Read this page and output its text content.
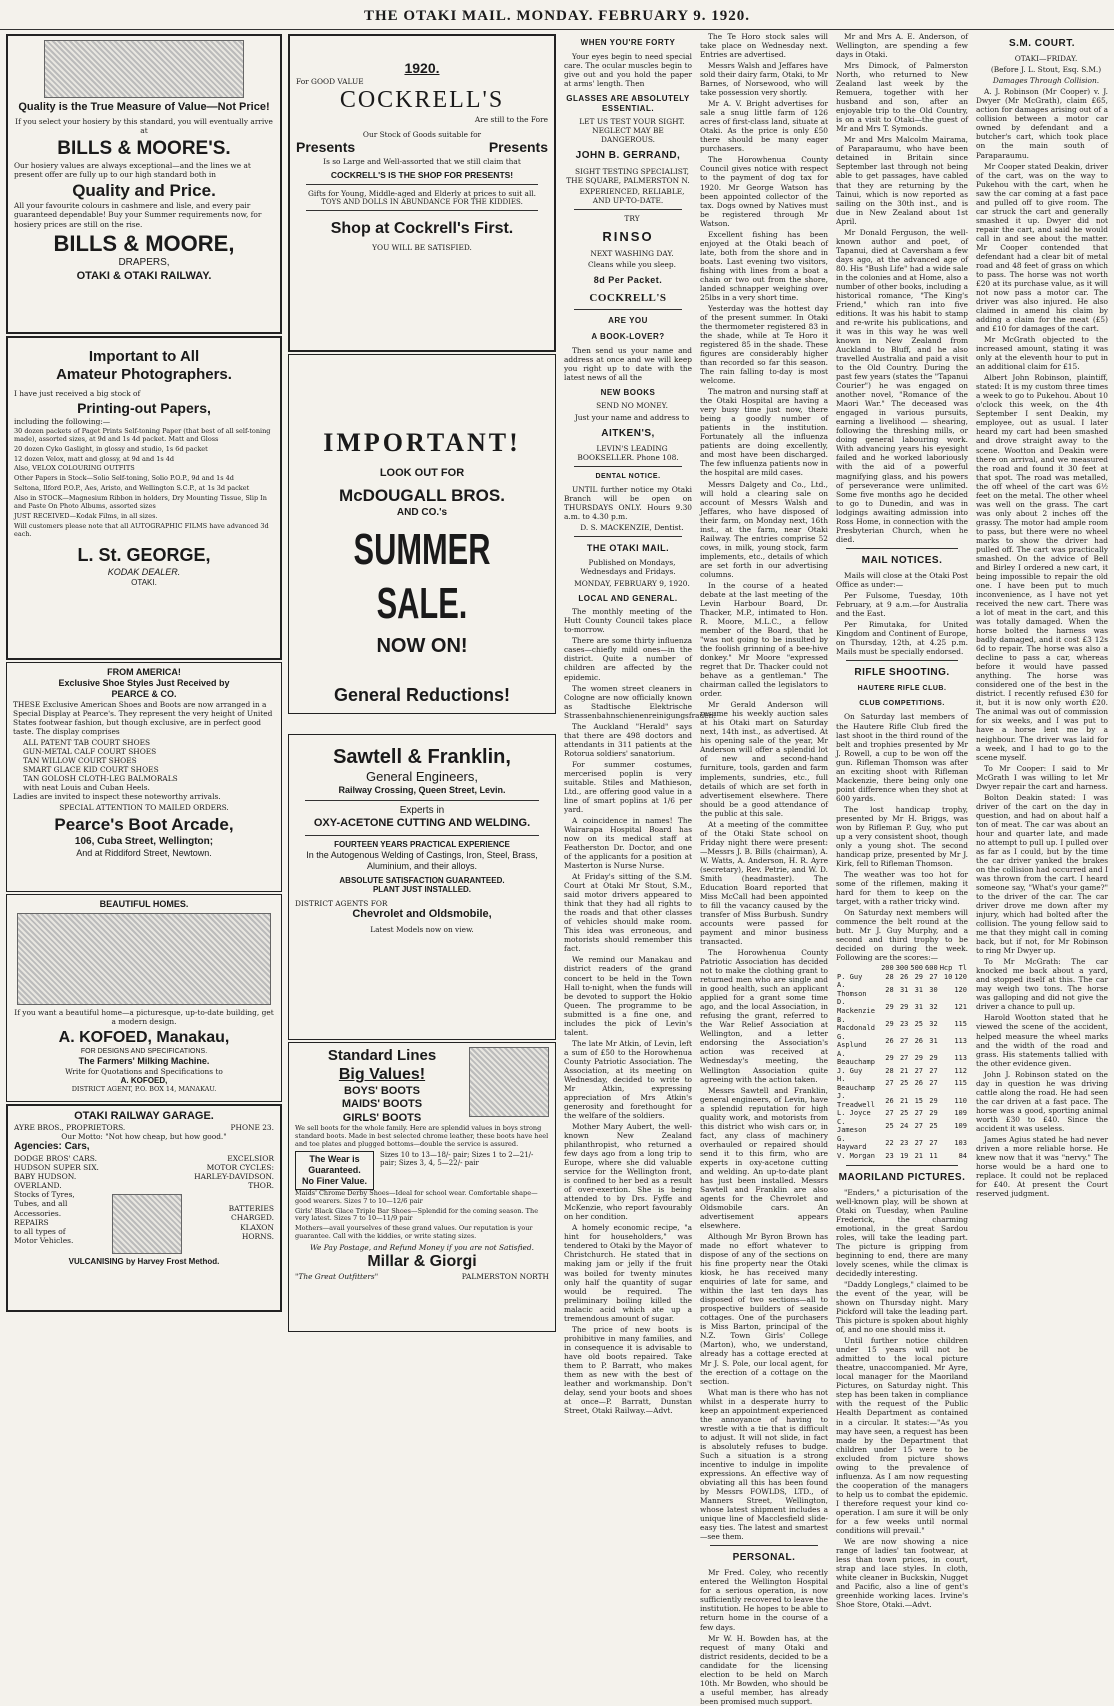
THE OTAKI MAIL. MONDAY. FEBRUARY 9. 1920.
Quality is the True Measure of Value—Not Price!

If you select your hosiery by this standard, you will eventually arrive at

BILLS & MOORE'S.

Our hosiery values are always exceptional—and the lines we at present offer are fully up to our high standard both in

Quality and Price.

All your favourite colours in cashmere and lisle, and every pair guaranteed dependable! Buy your Summer requirements now, for hosiery prices are still on the rise.

BILLS & MOORE,
DRAPERS,
OTAKI & OTAKI RAILWAY.
Important to All
Amateur Photographers.

I have just received a big stock of

Printing-out Papers,

including the following:—

30 dozen packets of Paget Prints Self-toning Paper (that best of all self-toning made), assorted sizes, at 9d and 1s 4d packet. Matt and Gloss

20 dozen Cyko Gaslight, in glossy and studio, 1s 6d packet

12 dozen Velox, matt and glossy, at 9d and 1s 4d

Also, VELOX COLOURING OUTFITS

Other Papers in Stock—Solio Self-toning, Solio P.O.P., 9d and 1s 4d

Seltona, Ilford P.O.P., Aes, Aristo, and Wellington S.C.P., at 1s 3d packet

Also in STOCK—Magnesium Ribbon in holders, Dry Mounting Tissue, Slip In and Paste On Photo Albums, assorted sizes

JUST RECEIVED—Kodak Films, in all sizes.

Will customers please note that all AUTOGRAPHIC FILMS have advanced 3d each.

L. St. GEORGE,
KODAK DEALER.
OTAKI.
FROM AMERICA!
Exclusive Shoe Styles Just Received by
PEARCE & CO.

THESE Exclusive American Shoes and Boots are now arranged in a Special Display at Pearce's. They represent the very height of United States footwear fashion, but though exclusive, are in perfect good taste. The display comprises

ALL PATENT TAB COURT SHOES
GUN-METAL CALF COURT SHOES
TAN WILLOW COURT SHOES
SMART GLACE KID COURT SHOES
TAN GOLOSH CLOTH-LEG BALMORALS
with neat Louis and Cuban Heels.

Ladies are invited to inspect these noteworthy arrivals.

SPECIAL ATTENTION TO MAILED ORDERS.

Pearce's Boot Arcade,
106, Cuba Street, Wellington;
And at Riddiford Street, Newtown.
BEAUTIFUL HOMES.

If you want a beautiful home—a picturesque, up-to-date building, get a modern design.

A. KOFOED, Manakau,
FOR DESIGNS AND SPECIFICATIONS.
The Farmers' Milking Machine.
Write for Quotations and Specifications to
A. KOFOED,
DISTRICT AGENT, P.O. BOX 14, MANAKAU.
OTAKI RAILWAY GARAGE.
AYRE BROS., PROPRIETORS.	PHONE 23.
Our Motto: "Not how cheap, but how good."
Agencies: Cars,
DODGE BROS' CARS.
HUDSON SUPER SIX.
BABY HUDSON.
OVERLAND.
Stocks of Tyres,
Tubes, and all
Accessories.
REPAIRS
to all types of
Motor Vehicles.
EXCELSIOR
MOTOR CYCLES:
HARLEY-DAVIDSON.
THOR.
BATTERIES
CHARGED.
KLAXON
HORNS.
VULCANISING by Harvey Frost Method.
1920.
For GOOD VALUE
COCKRELL'S
Are still to the Fore
Our Stock of Goods suitable for
Presents	Presents
Is so Large and Well-assorted that we still claim that
COCKRELL'S IS THE SHOP FOR PRESENTS!
Gifts for Young, Middle-aged and Elderly at prices to suit all.
TOYS AND DOLLS IN ABUNDANCE FOR THE KIDDIES.
Shop at Cockrell's First.
YOU WILL BE SATISFIED.
IMPORTANT!
LOOK OUT FOR
McDOUGALL BROS.
AND CO.'s
SUMMER SALE.
NOW ON!
General Reductions!
Sawtell & Franklin,
General Engineers,
Railway Crossing, Queen Street, Levin.
Experts in
OXY-ACETONE CUTTING AND WELDING.
FOURTEEN YEARS PRACTICAL EXPERIENCE
In the Autogenous Welding of Castings, Iron, Steel, Brass, Aluminium, and their alloys.
ABSOLUTE SATISFACTION GUARANTEED.
PLANT JUST INSTALLED.
DISTRICT AGENTS FOR
Chevrolet and Oldsmobile,
Latest Models now on view.
Standard Lines
Big Values!
BOYS' BOOTS
MAIDS' BOOTS
GIRLS' BOOTS

We sell boots for the whole family. Here are splendid values in boys strong standard boots. Made in best selected chrome leather, these boots have heel and toe plates and plugged bottoms—double the service is assured.

The Wear is
Guaranteed.
No Finer Value.

Sizes 10 to 13—18/- pair; Sizes 1 to 2—21/- pair; Sizes 3, 4, 5—22/- pair

Maids' Chrome Derby Shoes—Ideal for school wear. Comfortable shape—good wearers. Sizes 7 to 10—12/6 pair

Girls' Black Glace Triple Bar Shoes—Splendid for the coming season. The very latest. Sizes 7 to 10—11/9 pair

Mothers—avail yourselves of these grand values. Our reputation is your guarantee. Call with the kiddies, or write stating sizes.

We Pay Postage, and Refund Money if you are not Satisfied.
Millar & Giorgi
"The Great Outfitters"	PALMERSTON NORTH
WHEN YOU'RE FORTY

Your eyes begin to need special care. The ocular muscles begin to give out and you hold the paper at arms' length. Then

GLASSES ARE ABSOLUTELY ESSENTIAL.

LET US TEST YOUR SIGHT. NEGLECT MAY BE DANGEROUS.

JOHN B. GERRAND,

SIGHT TESTING SPECIALIST, THE SQUARE, PALMERSTON N.

EXPERIENCED, RELIABLE, AND UP-TO-DATE.

TRY

RINSO

NEXT WASHING DAY.

Cleans while you sleep.

8d Per Packet.
COCKRELL'S
ARE YOU
A BOOK-LOVER?

Then send us your name and address at once and we will keep you right up to date with the latest news of all the

NEW BOOKS

SEND NO MONEY.

Just your name and address to

AITKEN'S,

LEVIN'S LEADING BOOKSELLER. Phone 108.

DENTAL NOTICE.

UNTIL further notice my Otaki Branch will be open on THURSDAYS ONLY. Hours 9.30 a.m. to 4.30 p.m.

D. S. MACKENZIE, Dentist.

THE OTAKI MAIL.

Published on Mondays, Wednesdays and Fridays.

MONDAY, FEBRUARY 9, 1920.

LOCAL AND GENERAL.

The monthly meeting of the Hutt County Council takes place to-morrow.

There are some thirty influenza cases—chiefly mild ones—in the district. Quite a number of children are affected by the epidemic.

The women street cleaners in Cologne are now officially known as Stadtische Elektrische Strassenbahnschienenreinigungsfrauen!

The Auckland "Herald" says that there are 498 doctors and attendants in 311 patients at the Rotorua soldiers' sanatorium.

For summer costumes, mercerised poplin is very suitable. Stiles and Mathieson, Ltd., are offering good value in a line of smart poplins at 1/6 per yard.

A coincidence in names! The Wairarapa Hospital Board has now on its medical staff at Featherston Dr. Doctor, and one of the applicants for a position at Masterton is Nurse Nurse.

At Friday's sitting of the S.M. Court at Otaki Mr Stout, S.M., said motor drivers appeared to think that they had all rights to the roads and that other classes of vehicles should make room. This idea was erroneous, and motorists should remember this fact.

We remind our Manakau and district readers of the grand concert to be held in the Town Hall to-night, when the funds will be devoted to support the Hokio Queen. The programme to be submitted is a fine one, and includes the pick of Levin's talent.

The late Mr Atkin, of Levin, left a sum of £50 to the Horowhenua County Patriotic Association. The Association, at its meeting on Wednesday, decided to write to Mr Atkin, expressing appreciation of Mrs Atkin's generosity and forethought for the welfare of the soldiers.

Mother Mary Aubert, the well-known New Zealand philanthropist, who returned a few days ago from a long trip to Europe, where she did valuable service for the Wellington front, is confined to her bed as a result of over-exertion. She is being attended to by Drs. Fyffe and McKenzie, who report favourably on her condition.

A homely economic recipe, "a hint for householders," was tendered to Otaki by the Mayor of Christchurch. He stated that in making jam or jelly if the fruit was boiled for twenty minutes only half the quantity of sugar would be required. The preliminary boiling killed the malacic acid which ate up a tremendous amount of sugar.

The price of new boots is prohibitive in many families, and in consequence it is advisable to have old boots repaired. Take them to P. Barratt, who makes them as new with the best of leather and workmanship. Don't delay, send your boots and shoes at once—P. Barratt, Dunstan Street, Otaki Railway.—Advt.

The Te Horo stock sales will take place on Wednesday next. Entries are advertised.

Messrs Walsh and Jeffares have sold their dairy farm, Otaki, to Mr Barnes, of Norsewood, who will take possession very shortly.

Mr A. V. Bright advertises for sale a snug little farm of 126 acres of first-class land, situate at Otaki. As the price is only £50 there should be many eager purchasers.

The Horowhenua County Council gives notice with respect to the payment of dog tax for 1920. Mr George Watson has been appointed collector of the tax. Dogs owned by Natives must be registered through Mr Watson.

Excellent fishing has been enjoyed at the Otaki beach of late, both from the shore and in boats. Last evening two visitors, fishing with lines from a boat a chain or two out from the shore, landed schnapper weighing over 25lbs in a very short time.

Yesterday was the hottest day of the present summer. In Otaki the thermometer registered 83 in the shade, while at Te Horo it registered 85 in the shade. These figures are considerably higher than recorded so far this season. The rain falling to-day is most welcome.

The matron and nursing staff at the Otaki Hospital are having a very busy time just now, there being a goodly number of patients in the institution. Fortunately all the influenza patients are doing excellently, and most have been discharged. The few influenza patients now in the hospital are mild cases.

Messrs Dalgety and Co., Ltd., will hold a clearing sale on account of Messrs Walsh and Jeffares, who have disposed of their farm, on Monday next, 16th inst., at the farm, near Otaki Railway. The entries comprise 52 cows, in milk, young stock, farm implements, etc., details of which are set forth in our advertising columns.

In the course of a heated debate at the last meeting of the Levin Harbour Board, Dr. Thacker, M.P., intimated to Hon. R. Moore, M.L.C., a fellow member of the Board, that he "was not going to be insulted by the foolish grinning of a bee-hive donkey." Mr Moore "expressed regret that Dr. Thacker could not behave as a gentleman." The chairman called the legislators to order.

Mr Gerald Anderson will resume his weekly auction sales at his Otaki mart on Saturday next, 14th inst., as advertised. At his opening sale of the year, Mr Anderson will offer a splendid lot of new and second-hand furniture, tools, garden and farm implements, sundries, etc., full details of which are set forth in advertisement elsewhere. There should be a good attendance of the public at this sale.

At a meeting of the committee of the Otaki State school on Friday night there were present:—Messrs J. B. Bills (chairman), A. W. Watts, A. Anderson, H. R. Ayre (secretary), Rev. Petrie, and W. D. Smith (headmaster). The Education Board reported that Miss McCall had been appointed to fill the vacancy caused by the transfer of Miss Burbush. Sundry accounts were passed for payment and minor business transacted.

The Horowhenua County Patriotic Association has decided not to make the clothing grant to returned men who are single and in good health, such an applicant applied for a grant some time ago, and the local Association, in refusing the grant, referred to the War Relief Association at Wellington, and a letter endorsing the Association's action was received at Wednesday's meeting, the Wellington Association quite agreeing with the action taken.

Messrs Sawtell and Franklin, general engineers, of Levin, have a splendid reputation for high quality work, and motorists from this district who wish cars or, in fact, any class of machinery overhauled or repaired should send it to this firm, who are experts in oxy-acetone cutting and welding. An up-to-date plant has just been installed. Messrs Sawtell and Franklin are also agents for the Chevrolet and Oldsmobile cars. An advertisement appears elsewhere.

Although Mr Byron Brown has made no effort whatever to dispose of any of the sections on his fine property near the Otaki kiosk, he has received many enquiries of late for same, and within the last ten days has disposed of two sections—all to prospective builders of seaside cottages. One of the purchasers is Miss Barton, principal of the N.Z. Town Girls' College (Marton), who, we understand, already has a cottage erected at Mr J. S. Pole, our local agent, for the erection of a cottage on the section.

What man is there who has not whilst in a desperate hurry to keep an appointment experienced the annoyance of having to wrestle with a tie that is difficult to adjust. It will not slide, in fact is absolutely refuses to budge. Such a situation is a strong incentive to indulge in impolite expressions. An effective way of obviating all this has been found by Messrs FOWLDS, LTD., of Manners Street, Wellington, whose latest shipment includes a unique line of Macclesfield slide-easy ties. The latest and smartest—see them.

PERSONAL.

Mr Fred. Coley, who recently entered the Wellington Hospital for a serious operation, is now sufficiently recovered to leave the institution. He hopes to be able to return home in the course of a few days.

Mr W. H. Bowden has, at the request of many Otaki and district residents, decided to be a candidate for the licensing election to be held on March 10th. Mr Bowden, who should be a useful member, has already been promised much support.

Mr and Mrs A. E. Anderson, of Wellington, are spending a few days in Otaki.

Mrs Dimock, of Palmerston North, who returned to New Zealand last week by the Remuera, together with her husband and son, after an enjoyable trip to the Old Country, is on a visit to Otaki—the guest of Mr and Mrs T. Symonds.

Mr and Mrs Malcolm Mairama, of Paraparaumu, who have been detained in Britain since September last through not being able to get passages, have cabled that they are returning by the Tainui, which is now reported as sailing on the 30th inst., and is due in New Zealand about 1st April.

Mr Donald Ferguson, the well-known author and poet, of Tapanui, died at Caversham a few days ago, at the advanced age of 80. His "Bush Life" had a wide sale in the colonies and at Home, also a number of other books, including a historical romance, "The King's Friend," which ran into five editions. It was his habit to stamp and re-write his publications, and it was in this way he was well known in New Zealand from Auckland to Bluff, and he also travelled Australia and paid a visit to the Old Country. During the past few years (states the "Tapanui Courier") he was engaged on another novel, "Romance of the Maori War." The deceased was engaged in various pursuits, earning a livelihood — shearing, following the threshing mills, or doing general labouring work. With advancing years his eyesight failed and he worked laboriously with the aid of a powerful magnifying glass, and his powers of perseverance were unlimited. Some five months ago he decided to go to Dunedin, and was in lodgings awaiting admission into Ross Home, in connection with the Presbyterian Church, when he died.

MAIL NOTICES.

Mails will close at the Otaki Post Office as under:—

Per Fulsome, Tuesday, 10th February, at 9 a.m.—for Australia and the East.

Per Rimutaka, for United Kingdom and Continent of Europe, on Thursday, 12th, at 4.25 p.m. Mails must be specially endorsed.

RIFLE SHOOTING.
HAUTERE RIFLE CLUB.
CLUB COMPETITIONS.

On Saturday last members of the Hautere Rifle Club fired the last shoot in the third round of the belt and trophies presented by Mr J. Rowell, a cup to be won off the gun. Rifleman Thomson was after an exciting shoot with Rifleman Mackenzie, there being only one point difference when they shot at 600 yards.

The lost handicap trophy, presented by Mr H. Briggs, was won by Rifleman P. Guy, who put up a very consistent shoot, though only a young shot. The second handicap prize, presented by Mr J. Kirk, fell to Rifleman Thomson.

The weather was too hot for some of the riflemen, making it hard for them to keep on the target, with a rather tricky wind.

On Saturday next members will commence the belt round at the butt. Mr J. Guy Murphy, and a second and third trophy to be decided on during the week. Following are the scores:—

	200	300	500	600	Hcp	Tl
P. Guy	28	26	29	27	10	120
A. Thomson	28	31	31	30		120
D. Mackenzie	29	29	31	32		121
B. Macdonald	29	23	25	32		115
G. Asplund	26	27	26	31		113
A. Beauchamp	29	27	29	29		113
J. Guy	28	21	27	27		112
H. Beauchamp	27	25	26	27		115
J. Treadwell	26	21	15	29		110
L. Joyce	27	25	27	29		109
C. Jameson	25	24	27	25		109
G. Hayward	22	23	27	27		103
V. Morgan	23	19	21	11		84
MAORILAND PICTURES.

"Enders," a picturisation of the well-known play, will be shown at Otaki on Tuesday, when Pauline Frederick, the charming emotional, in the great Sardou roles, will take the leading part. The picture is gripping from beginning to end, there are many lovely scenes, while the climax is decidedly interesting.

"Daddy Longlegs," claimed to be the event of the year, will be shown on Thursday night. Mary Pickford will take the leading part. This picture is spoken about highly of, and no one should miss it.

Until further notice children under 15 years will not be admitted to the local picture theatre, unaccompanied. Mr Ayre, local manager for the Maoriland Pictures, on Saturday night. This step has been taken in compliance with the request of the Public Health Department as contained in a circular. It states:—"As you may have seen, a request has been made by the Department that children under 15 were to be excluded from picture shows owing to the prevalence of influenza. As I am now requesting the cooperation of the managers to help us to combat the epidemic. I therefore request your kind co-operation. I am sure it will be only for a few weeks until normal conditions will prevail."

We are now showing a nice range of ladies' tan footwear, at less than town prices, in court, strap and lace styles. In cloth, white cleaner in Buckskin, Nugget and Pacific, also a line of gent's greenhide working laces. Irvine's Shoe Store, Otaki.—Advt.

S.M. COURT.

OTAKI—FRIDAY.

(Before J. L. Stout, Esq. S.M.)

Damages Through Collision.

A. J. Robinson (Mr Cooper) v. J. Dwyer (Mr McGrath), claim £65, action for damages arising out of a collision between a motor car owned by defendant and a butcher's cart, which took place on the main south of Paraparaumu.

Mr Cooper stated Deakin, driver of the cart, was on the way to Pukehou with the cart, when he saw the car coming at a fast pace and pulled off to give room. The car struck the cart and generally smashed it up. Dwyer did not repair the cart, and said he would call in and see about the matter. Mr Cooper contended that defendant had a clear bit of metal road and 48 feet of grass on which to pass. The horse was not worth £20 at its purchase value, as it will not now pass a motor car. The driver was also injured. He also claimed in amend his claim by adding a claim for the meat (£5) and £10 for damages of the cart.

Mr McGrath objected to the increased amount, stating it was only at the eleventh hour to put in an additional claim for £15.

Albert John Robinson, plaintiff, stated: It is my custom three times a week to go to Pukehou. About 10 o'clock this week, on the 4th September I sent Deakin, my employee, out as usual. I later heard my cart had been smashed and drove straight away to the scene. Wootton and Deakin were there on arrival, and we measured the road and found it 30 feet at that spot. The road was metalled, the off wheel of the cart was 6½ feet on the metal. The other wheel was well on the grass. The cart was only about 2 inches off the grassy. The motor had ample room to pass, but there were no wheel marks to show the driver had pulled off. The cart was practically smashed. On the advice of Bell and Birley I ordered a new cart, it being impossible to repair the old one. I have been put to much inconvenience, as I have not yet received the new cart. There was a lot of meat in the cart, and this was totally damaged. When the horse bolted the harness was badly damaged, and it cost £3 12s 6d to repair. The horse was also a decline to pass a car, whereas before it would have passed anything. The horse was considered one of the best in the district. I recently refused £30 for it, but it is now only worth £20. The animal was out of commission for six weeks, and I was put to have a horse lent me by a neighbour. The driver was laid for a week, and I had to go to the scene myself.

To Mr Cooper: I said to Mr McGrath I was willing to let Mr Dwyer repair the cart and harness.

Bolton Deakin stated: I was driver of the cart on the day in question, and had on about half a ton of meat. The car was about an hour and quarter late, and made no attempt to pull up. I pulled over as far as I could, but by the time the car driver yanked the brakes on the collision had occurred and I was thrown from the cart. I heard someone say, "What's your game?" to the driver of the car. The car driver drove me down after my injury, which had bolted after the collision. The young fellow said to me that they might call in coming back, but if not, for Mr Robinson to ring Mr Dwyer up.

To Mr McGrath: The car knocked me back about a yard, and stopped itself at this. The car may weigh two tons. The horse was galloping and did not give the driver a chance to pull up.

Harold Wootton stated that he viewed the scene of the accident, helped measure the wheel marks and the width of the road and grass. His statements tallied with the other evidence given.

John J. Robinson stated on the day in question he was driving cattle along the road. He had seen the car driven at a fast pace. The horse was a good, sporting animal worth £30 to £40. Since the accident it was useless.

James Agius stated he had never driven a more reliable horse. He knew now that it was "nervy." The horse would be a hard one to replace. It could not be replaced for £40. At present the Court reserved judgment.
